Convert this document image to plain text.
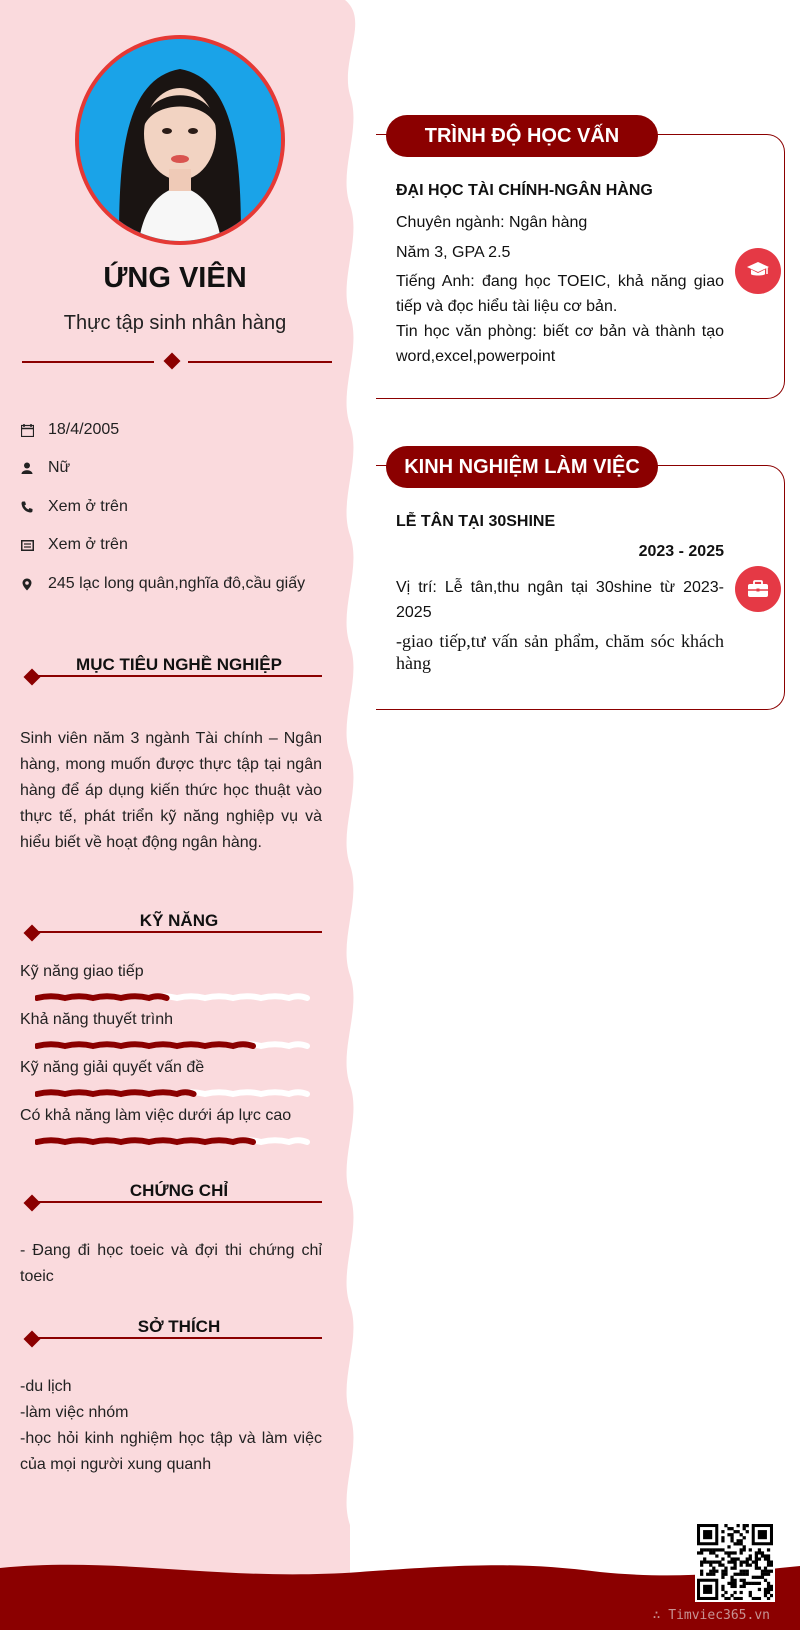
ỨNG VIÊN
Thực tập sinh nhân hàng
18/4/2005
Nữ
Xem ở trên
Xem ở trên
245 lạc long quân,nghĩa đô,cầu giấy
MỤC TIÊU NGHỀ NGHIỆP
Sinh viên năm 3 ngành Tài chính – Ngân hàng, mong muốn được thực tập tại ngân hàng để áp dụng kiến thức học thuật vào thực tế, phát triển kỹ năng nghiệp vụ và hiểu biết về hoạt động ngân hàng.
KỸ NĂNG
Kỹ năng giao tiếp
Khả năng thuyết trình
Kỹ năng giải quyết vấn đề
Có khả năng làm việc dưới áp lực cao
CHỨNG CHỈ
- Đang đi học toeic và đợi thi chứng chỉ toeic
SỞ THÍCH
-du lịch
-làm việc nhóm
-học hỏi kinh nghiệm học tập và làm việc của mọi người xung quanh
TRÌNH ĐỘ HỌC VẤN
ĐẠI HỌC TÀI CHÍNH-NGÂN HÀNG
Chuyên ngành: Ngân hàng
Năm 3, GPA 2.5
Tiếng Anh: đang học TOEIC, khả năng giao tiếp và đọc hiểu tài liệu cơ bản.
Tin học văn phòng: biết cơ bản và thành tạo word,excel,powerpoint
KINH NGHIỆM LÀM VIỆC
LỄ TÂN TẠI 30SHINE
2023 - 2025
Vị trí: Lễ tân,thu ngân tại 30shine từ 2023-2025
-giao tiếp,tư vấn sản phẩm, chăm sóc khách hàng
∴ Timviec365.vn
